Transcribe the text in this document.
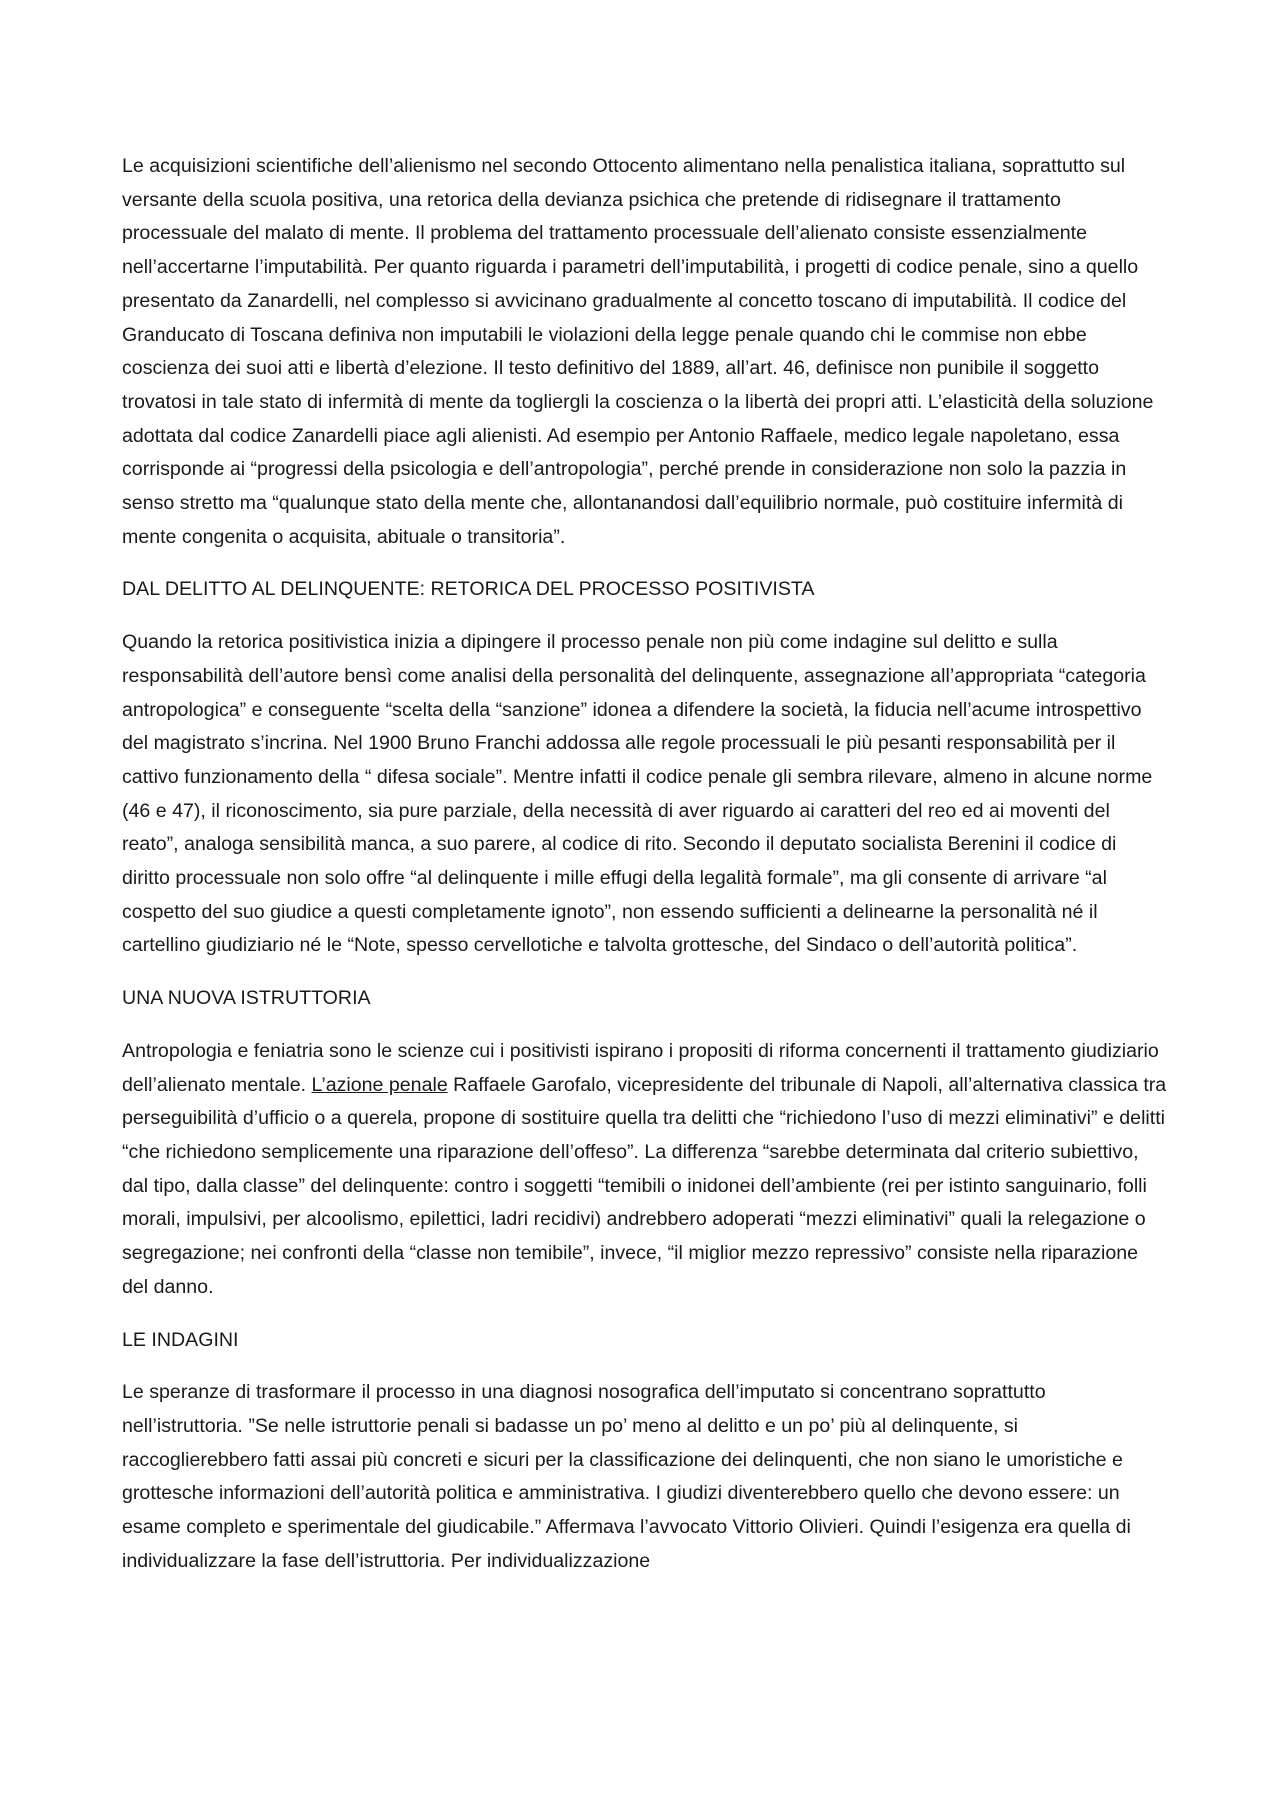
Le acquisizioni scientifiche dell’alienismo nel secondo Ottocento alimentano nella penalistica italiana, soprattutto sul versante della scuola positiva, una retorica della devianza psichica che pretende di ridisegnare il trattamento processuale del malato di mente. Il problema del trattamento processuale dell’alienato consiste essenzialmente nell’accertarne l’imputabilità. Per quanto riguarda i parametri dell’imputabilità, i progetti di codice penale, sino a quello presentato da Zanardelli, nel complesso si avvicinano gradualmente al concetto toscano di imputabilità. Il codice del Granducato di Toscana definiva non imputabili le violazioni della legge penale quando chi le commise non ebbe coscienza dei suoi atti e libertà d’elezione. Il testo definitivo del 1889, all’art. 46, definisce non punibile il soggetto trovatosi in tale stato di infermità di mente da togliergli la coscienza o la libertà dei propri atti. L’elasticità della soluzione adottata dal codice Zanardelli piace agli alienisti. Ad esempio per Antonio Raffaele, medico legale napoletano, essa corrisponde ai “progressi della psicologia e dell’antropologia”, perché prende in considerazione non solo la pazzia in senso stretto ma “qualunque stato della mente che, allontanandosi dall’equilibrio normale, può costituire infermità di mente congenita o acquisita, abituale o transitoria”.

DAL DELITTO AL DELINQUENTE: RETORICA DEL PROCESSO POSITIVISTA

Quando la retorica positivistica inizia a dipingere il processo penale non più come indagine sul delitto e sulla responsabilità dell’autore bensì come analisi della personalità del delinquente, assegnazione all’appropriata “categoria antropologica” e conseguente “scelta della “sanzione” idonea a difendere la società, la fiducia nell’acume introspettivo del magistrato s’incrina. Nel 1900 Bruno Franchi addossa alle regole processuali le più pesanti responsabilità per il cattivo funzionamento della “ difesa sociale”. Mentre infatti il codice penale gli sembra rilevare, almeno in alcune norme (46 e 47), il riconoscimento, sia pure parziale, della necessità di aver riguardo ai caratteri del reo ed ai moventi del reato”, analoga sensibilità manca, a suo parere, al codice di rito. Secondo il deputato socialista Berenini il codice di diritto processuale non solo offre “al delinquente i mille effugi della legalità formale”, ma gli consente di arrivare “al cospetto del suo giudice a questi completamente ignoto”, non essendo sufficienti a delinearne la personalità né il cartellino giudiziario né le “Note, spesso cervellotiche e talvolta grottesche, del Sindaco o dell’autorità politica”.

UNA NUOVA ISTRUTTORIA

Antropologia e feniatria sono le scienze cui i positivisti ispirano i propositi di riforma concernenti il trattamento giudiziario dell’alienato mentale. L’azione penale Raffaele Garofalo, vicepresidente del tribunale di Napoli, all’alternativa classica tra perseguibilità d’ufficio o a querela, propone di sostituire quella tra delitti che “richiedono l’uso di mezzi eliminativi” e delitti “che richiedono semplicemente una riparazione dell’offeso”. La differenza “sarebbe determinata dal criterio subiettivo, dal tipo, dalla classe” del delinquente: contro i soggetti “temibili o inidonei dell’ambiente (rei per istinto sanguinario, folli morali, impulsivi, per alcoolismo, epilettici, ladri recidivi) andrebbero adoperati “mezzi eliminativi” quali la relegazione o segregazione; nei confronti della “classe non temibile”, invece, “il miglior mezzo repressivo” consiste nella riparazione del danno.

LE INDAGINI

Le speranze di trasformare il processo in una diagnosi nosografica dell’imputato si concentrano soprattutto nell’istruttoria. ”Se nelle istruttorie penali si badasse un po’ meno al delitto e un po’ più al delinquente, si raccoglierebbero fatti assai più concreti e sicuri per la classificazione dei delinquenti, che non siano le umoristiche e grottesche informazioni dell’autorità politica e amministrativa. I giudizi diventerebbero quello che devono essere: un esame completo e sperimentale del giudicabile.” Affermava l’avvocato Vittorio Olivieri. Quindi l’esigenza era quella di individualizzare la fase dell’istruttoria. Per individualizzazione
